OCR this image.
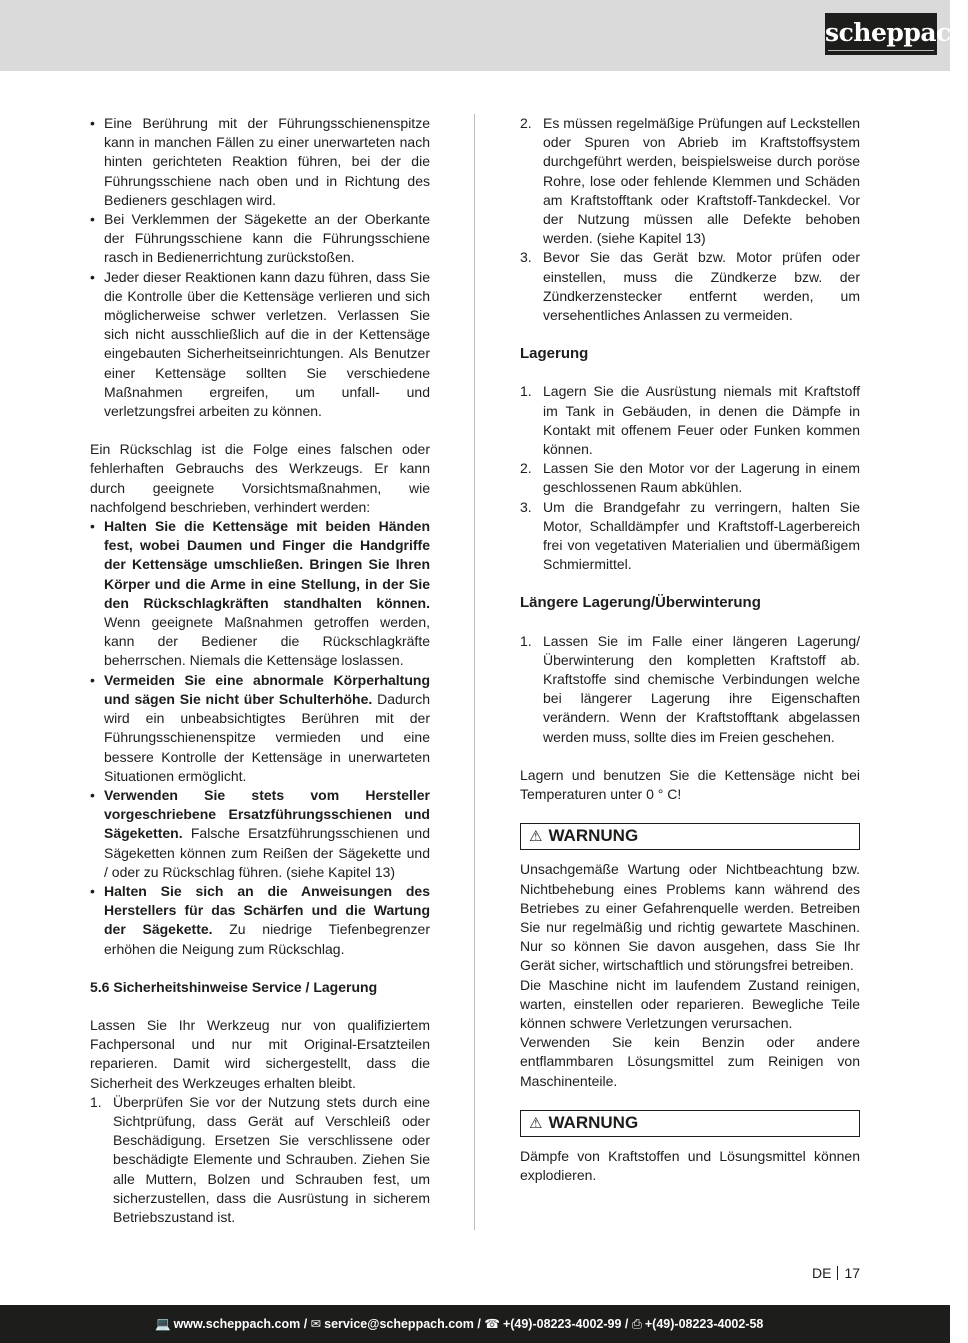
scheppach
• Eine Berührung mit der Führungsschienenspitze kann in manchen Fällen zu einer unerwarteten nach hinten gerichteten Reaktion führen, bei der die Führungsschiene nach oben und in Richtung des Bedieners geschlagen wird.
• Bei Verklemmen der Sägekette an der Oberkante der Führungsschiene kann die Führungsschiene rasch in Bedienerrichtung zurückstoßen.
• Jeder dieser Reaktionen kann dazu führen, dass Sie die Kontrolle über die Kettensäge verlieren und sich möglicherweise schwer verletzen. Verlassen Sie sich nicht ausschließlich auf die in der Kettensäge eingebauten Sicherheitseinrichtungen. Als Benutzer einer Kettensäge sollten Sie verschiedene Maßnahmen ergreifen, um unfall- und verletzungsfrei arbeiten zu können.

Ein Rückschlag ist die Folge eines falschen oder fehlerhaften Gebrauchs des Werkzeugs. Er kann durch geeignete Vorsichtsmaßnahmen, wie nachfolgend beschrieben, verhindert werden:

• Halten Sie die Kettensäge mit beiden Händen fest, wobei Daumen und Finger die Handgriffe der Kettensäge umschließen. Bringen Sie Ihren Körper und die Arme in eine Stellung, in der Sie den Rückschlagkräften standhalten können. Wenn geeignete Maßnahmen getroffen werden, kann der Bediener die Rückschlagkräfte beherrschen. Niemals die Kettensäge loslassen.
• Vermeiden Sie eine abnormale Körperhaltung und sägen Sie nicht über Schulterhöhe. Dadurch wird ein unbeabsichtigtes Berühren mit der Führungsschienenspitze vermieden und eine bessere Kontrolle der Kettensäge in unerwarteten Situationen ermöglicht.
• Verwenden Sie stets vom Hersteller vorgeschriebene Ersatzführungsschienen und Sägeketten. Falsche Ersatzführungsschienen und Sägeketten können zum Reißen der Sägekette und / oder zu Rückschlag führen. (siehe Kapitel 13)
• Halten Sie sich an die Anweisungen des Herstellers für das Schärfen und die Wartung der Sägekette. Zu niedrige Tiefenbegrenzer erhöhen die Neigung zum Rückschlag.

5.6 Sicherheitshinweise Service / Lagerung

Lassen Sie Ihr Werkzeug nur von qualifiziertem Fachpersonal und nur mit Original-Ersatzteilen reparieren. Damit wird sichergestellt, dass die Sicherheit des Werkzeuges erhalten bleibt.

1. Überprüfen Sie vor der Nutzung stets durch eine Sichtprüfung, dass Gerät auf Verschleiß oder Beschädigung. Ersetzen Sie verschlissene oder beschädigte Elemente und Schrauben. Ziehen Sie alle Muttern, Bolzen und Schrauben fest, um sicherzustellen, dass die Ausrüstung in sicherem Betriebszustand ist.
2. Es müssen regelmäßige Prüfungen auf Leckstellen oder Spuren von Abrieb im Kraftstoffsystem durchgeführt werden, beispielsweise durch poröse Rohre, lose oder fehlende Klemmen und Schäden am Kraftstofftank oder Kraftstoff-Tankdeckel. Vor der Nutzung müssen alle Defekte behoben werden. (siehe Kapitel 13)
3. Bevor Sie das Gerät bzw. Motor prüfen oder einstellen, muss die Zündkerze bzw. der Zündkerzenstecker entfernt werden, um versehentliches Anlassen zu vermeiden.

Lagerung

1. Lagern Sie die Ausrüstung niemals mit Kraftstoff im Tank in Gebäuden, in denen die Dämpfe in Kontakt mit offenem Feuer oder Funken kommen können.
2. Lassen Sie den Motor vor der Lagerung in einem geschlossenen Raum abkühlen.
3. Um die Brandgefahr zu verringern, halten Sie Motor, Schalldämpfer und Kraftstoff-Lagerbereich frei von vegetativen Materialien und übermäßigem Schmiermittel.

Längere Lagerung/Überwinterung

1. Lassen Sie im Falle einer längeren Lagerung/ Überwinterung den kompletten Kraftstoff ab. Kraftstoffe sind chemische Verbindungen welche bei längerer Lagerung ihre Eigenschaften verändern. Wenn der Kraftstofftank abgelassen werden muss, sollte dies im Freien geschehen.

Lagern und benutzen Sie die Kettensäge nicht bei Temperaturen unter 0 ° C!

⚠ WARNUNG

Unsachgemäße Wartung oder Nichtbeachtung bzw. Nichtbehebung eines Problems kann während des Betriebes zu einer Gefahrenquelle werden. Betreiben Sie nur regelmäßig und richtig gewartete Maschinen. Nur so können Sie davon ausgehen, dass Sie Ihr Gerät sicher, wirtschaftlich und störungsfrei betreiben.

Die Maschine nicht im laufendem Zustand reinigen, warten, einstellen oder reparieren. Bewegliche Teile können schwere Verletzungen verursachen.

Verwenden Sie kein Benzin oder andere entflammbaren Lösungsmittel zum Reinigen von Maschinenteile.

⚠ WARNUNG

Dämpfe von Kraftstoffen und Lösungsmittel können explodieren.

DE 17
💻 www.scheppach.com / ✉ service@scheppach.com / ☎ +(49)-08223-4002-99 / ⎙ +(49)-08223-4002-58
